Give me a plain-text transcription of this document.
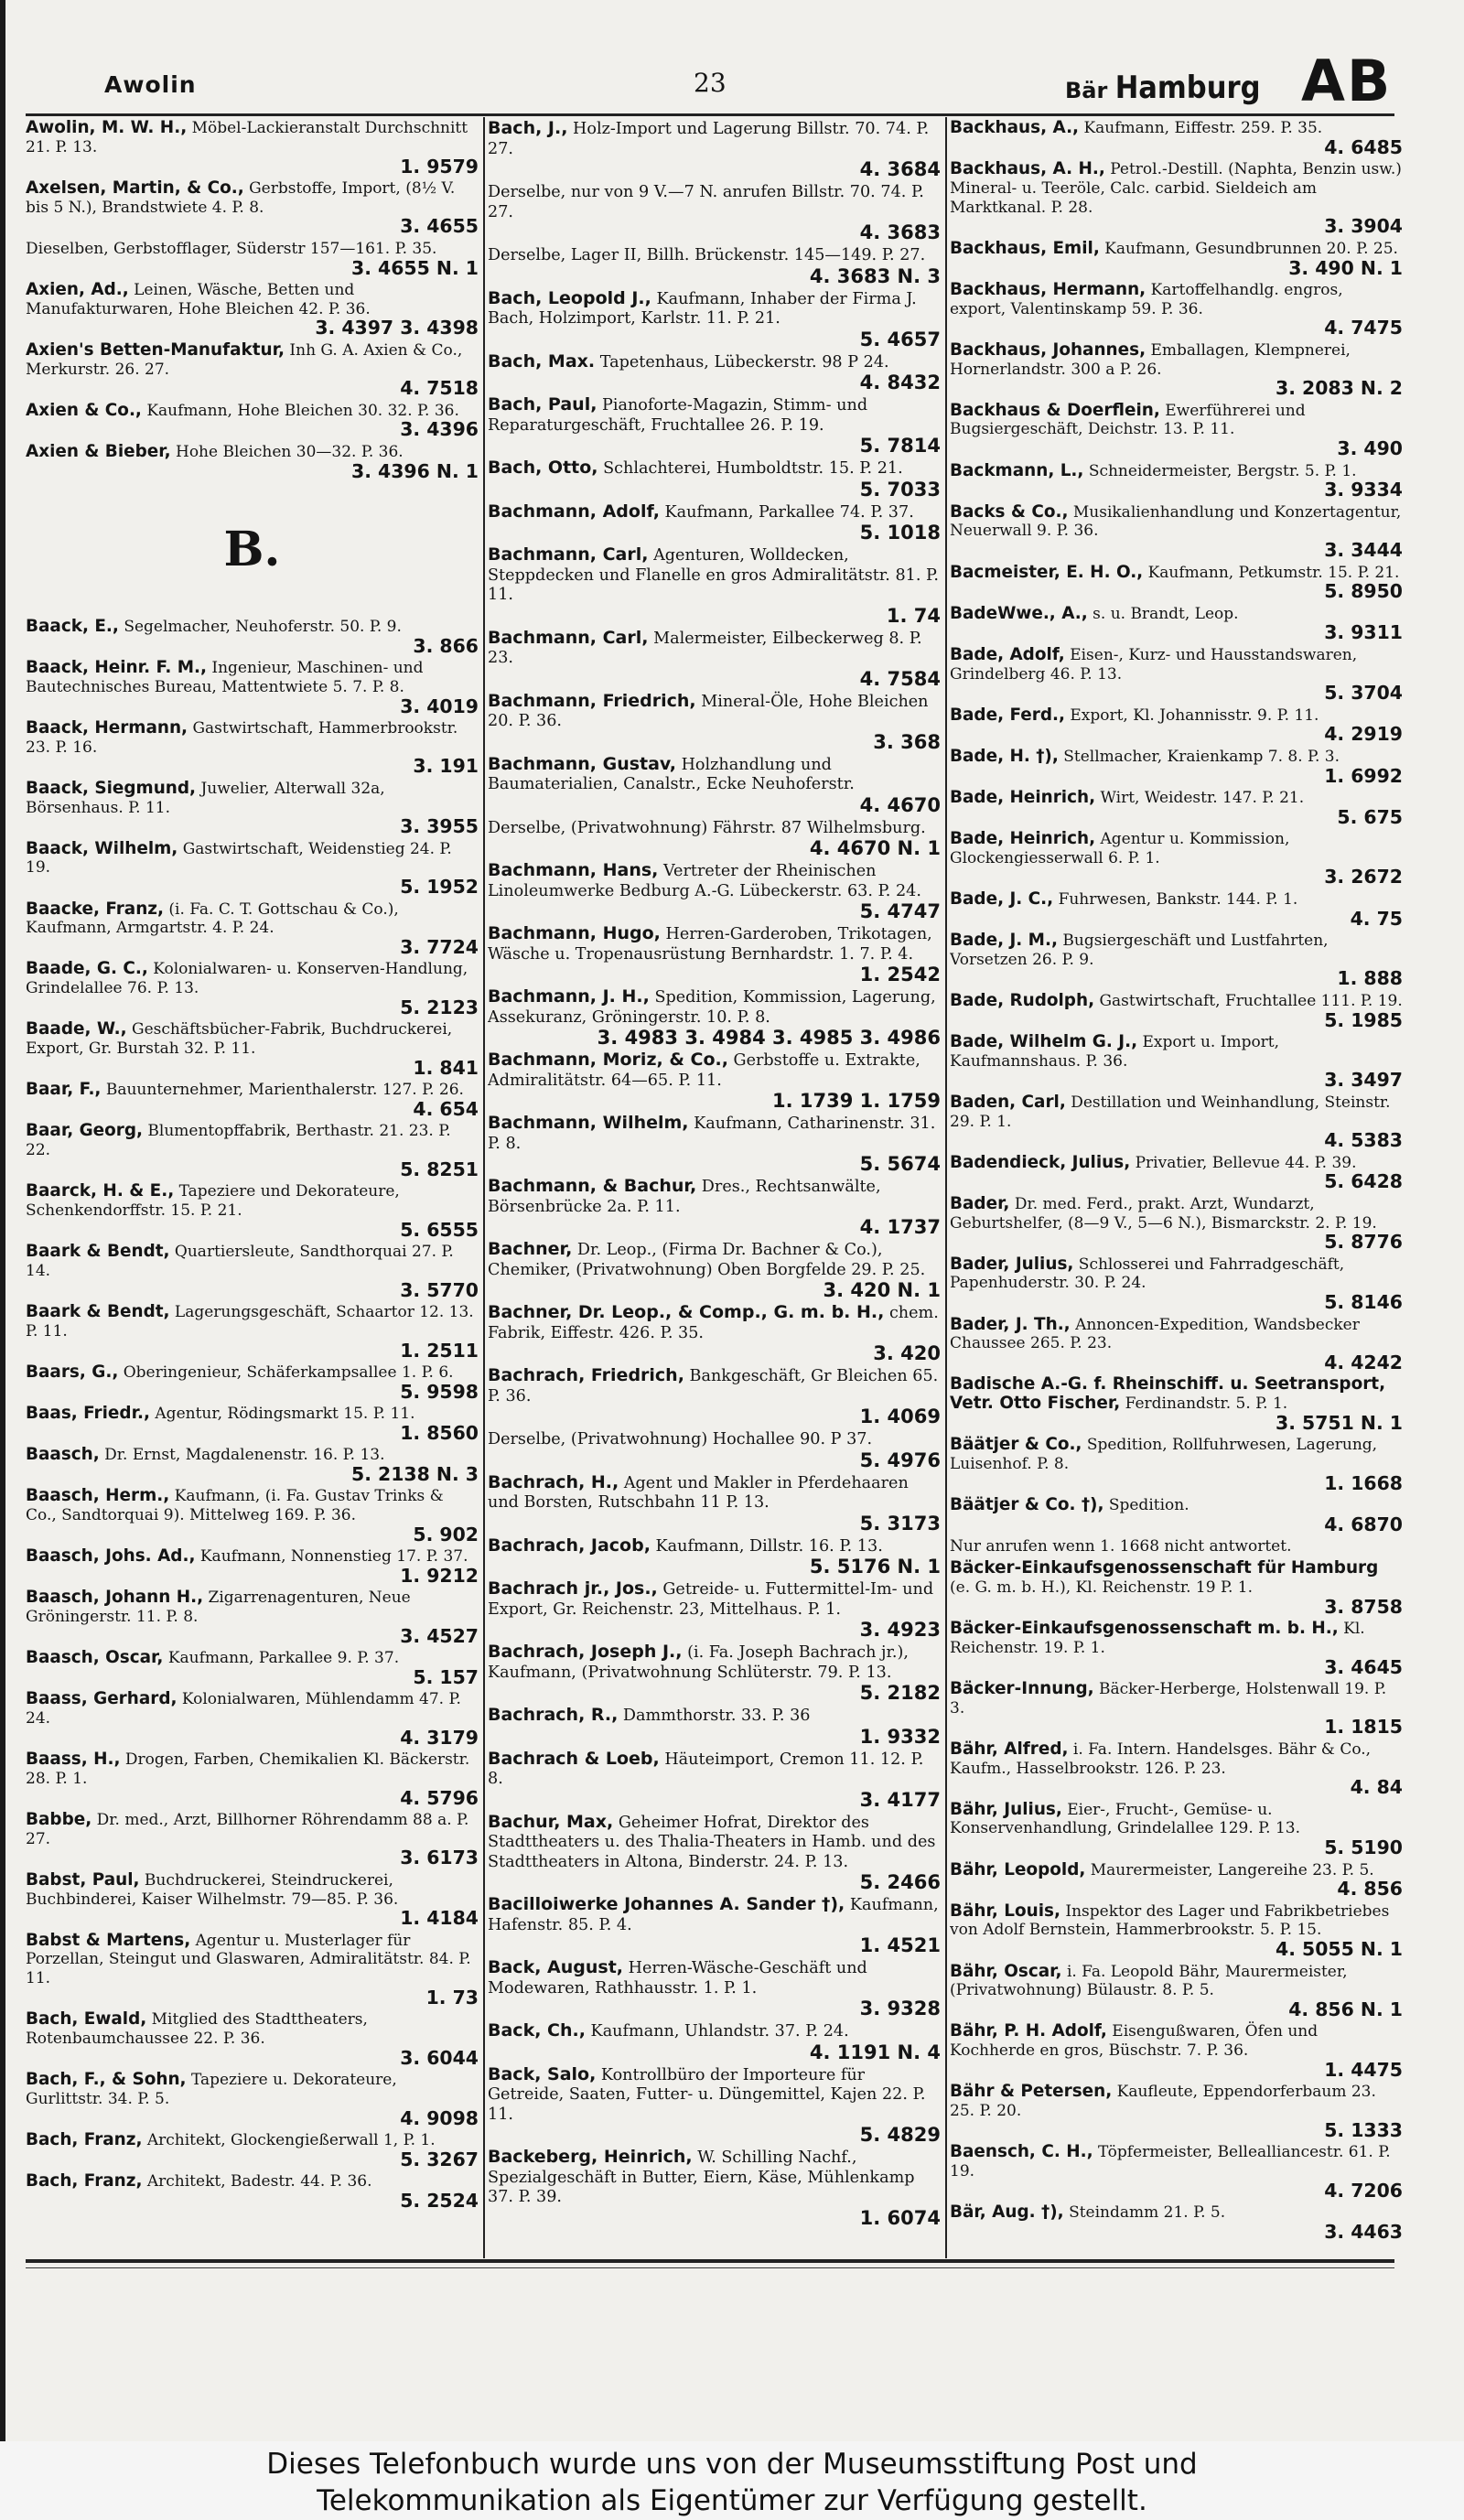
Awolin	23	Bär Hamburg AB
Awolin, M. W. H., Möbel-Lackieranstalt Durchschnitt 21. P. 13.
1. 9579
Axelsen, Martin, & Co., Gerbstoffe, Import, (8½ V. bis 5 N.), Brandstwiete 4. P. 8.
3. 4655
Dieselben, Gerbstofflager, Süderstr 157—161. P. 35.
3. 4655 N. 1
Axien, Ad., Leinen, Wäsche, Betten und Manufakturwaren, Hohe Bleichen 42. P. 36.
3. 4397 3. 4398
Axien's Betten-Manufaktur, Inh G. A. Axien & Co., Merkurstr. 26. 27.
4. 7518
Axien & Co., Kaufmann, Hohe Bleichen 30. 32. P. 36.
3. 4396
Axien & Bieber, Hohe Bleichen 30—32. P. 36.
3. 4396 N. 1
B.
Baack, E., Segelmacher, Neuhoferstr. 50. P. 9.
3. 866
Baack, Heinr. F. M., Ingenieur, Maschinen- und Bautechnisches Bureau, Mattentwiete 5. 7. P. 8.
3. 4019
Baack, Hermann, Gastwirtschaft, Hammerbrookstr. 23. P. 16.
3. 191
Baack, Siegmund, Juwelier, Alterwall 32a, Börsenhaus. P. 11.
3. 3955
Baack, Wilhelm, Gastwirtschaft, Weidenstieg 24. P. 19.
5. 1952
Baacke, Franz, (i. Fa. C. T. Gottschau & Co.), Kaufmann, Armgartstr. 4. P. 24.
3. 7724
Baade, G. C., Kolonialwaren- u. Konserven-Handlung, Grindelallee 76. P. 13.
5. 2123
Baade, W., Geschäftsbücher-Fabrik, Buchdruckerei, Export, Gr. Burstah 32. P. 11.
1. 841
Baar, F., Bauunternehmer, Marienthalerstr. 127. P. 26.
4. 654
Baar, Georg, Blumentopffabrik, Berthastr. 21. 23. P. 22.
5. 8251
Baarck, H. & E., Tapeziere und Dekorateure, Schenkendorffstr. 15. P. 21.
5. 6555
Baark & Bendt, Quartiersleute, Sandthorquai 27. P. 14.
3. 5770
Baark & Bendt, Lagerungsgeschäft, Schaartor 12. 13. P. 11.
1. 2511
Baars, G., Oberingenieur, Schäferkampsallee 1. P. 6.
5. 9598
Baas, Friedr., Agentur, Rödingsmarkt 15. P. 11.
1. 8560
Baasch, Dr. Ernst, Magdalenenstr. 16. P. 13.
5. 2138 N. 3
Baasch, Herm., Kaufmann, (i. Fa. Gustav Trinks & Co., Sandtorquai 9). Mittelweg 169. P. 36.
5. 902
Baasch, Johs. Ad., Kaufmann, Nonnenstieg 17. P. 37.
1. 9212
Baasch, Johann H., Zigarrenagenturen, Neue Gröningerstr. 11. P. 8.
3. 4527
Baasch, Oscar, Kaufmann, Parkallee 9. P. 37.
5. 157
Baass, Gerhard, Kolonialwaren, Mühlendamm 47. P. 24.
4. 3179
Baass, H., Drogen, Farben, Chemikalien Kl. Bäckerstr. 28. P. 1.
4. 5796
Babbe, Dr. med., Arzt, Billhorner Röhrendamm 88 a. P. 27.
3. 6173
Babst, Paul, Buchdruckerei, Steindruckerei, Buchbinderei, Kaiser Wilhelmstr. 79—85. P. 36.
1. 4184
Babst & Martens, Agentur u. Musterlager für Porzellan, Steingut und Glaswaren, Admiralitätstr. 84. P. 11.
1. 73
Bach, Ewald, Mitglied des Stadttheaters, Rotenbaumchaussee 22. P. 36.
3. 6044
Bach, F., & Sohn, Tapeziere u. Dekorateure, Gurlittstr. 34. P. 5.
4. 9098
Bach, Franz, Architekt, Glockengießerwall 1, P. 1.
5. 3267
Bach, Franz, Architekt, Badestr. 44. P. 36.
5. 2524
Bach, J., Holz-Import und Lagerung Billstr. 70. 74. P. 27.
4. 3684
Derselbe, nur von 9 V.—7 N. anrufen Billstr. 70. 74. P. 27.
4. 3683
Derselbe, Lager II, Billh. Brückenstr. 145—149. P. 27.
4. 3683 N. 3
Bach, Leopold J., Kaufmann, Inhaber der Firma J. Bach, Holzimport, Karlstr. 11. P. 21.
5. 4657
Bach, Max. Tapetenhaus, Lübeckerstr. 98 P 24.
4. 8432
Bach, Paul, Pianoforte-Magazin, Stimm- und Reparaturgeschäft, Fruchtallee 26. P. 19.
5. 7814
Bach, Otto, Schlachterei, Humboldtstr. 15. P. 21.
5. 7033
Bachmann, Adolf, Kaufmann, Parkallee 74. P. 37.
5. 1018
Bachmann, Carl, Agenturen, Wolldecken, Steppdecken und Flanelle en gros Admiralitätstr. 81. P. 11.
1. 74
Bachmann, Carl, Malermeister, Eilbeckerweg 8. P. 23.
4. 7584
Bachmann, Friedrich, Mineral-Öle, Hohe Bleichen 20. P. 36.
3. 368
Bachmann, Gustav, Holzhandlung und Baumaterialien, Canalstr., Ecke Neuhoferstr.
4. 4670
Derselbe, (Privatwohnung) Fährstr. 87 Wilhelmsburg.
4. 4670 N. 1
Bachmann, Hans, Vertreter der Rheinischen Linoleumwerke Bedburg A.-G. Lübeckerstr. 63. P. 24.
5. 4747
Bachmann, Hugo, Herren-Garderoben, Trikotagen, Wäsche u. Tropenausrüstung Bernhardstr. 1. 7. P. 4.
1. 2542
Bachmann, J. H., Spedition, Kommission, Lagerung, Assekuranz, Gröningerstr. 10. P. 8.
3. 4983 3. 4984 3. 4985 3. 4986
Bachmann, Moriz, & Co., Gerbstoffe u. Extrakte, Admiralitätstr. 64—65. P. 11.
1. 1739 1. 1759
Bachmann, Wilhelm, Kaufmann, Catharinenstr. 31. P. 8.
5. 5674
Bachmann, & Bachur, Dres., Rechtsanwälte, Börsenbrücke 2a. P. 11.
4. 1737
Bachner, Dr. Leop., (Firma Dr. Bachner & Co.), Chemiker, (Privatwohnung) Oben Borgfelde 29. P. 25.
3. 420 N. 1
Bachner, Dr. Leop., & Comp., G. m. b. H., chem. Fabrik, Eiffestr. 426. P. 35.
3. 420
Bachrach, Friedrich, Bankgeschäft, Gr Bleichen 65. P. 36.
1. 4069
Derselbe, (Privatwohnung) Hochallee 90. P 37.
5. 4976
Bachrach, H., Agent und Makler in Pferdehaaren und Borsten, Rutschbahn 11 P. 13.
5. 3173
Bachrach, Jacob, Kaufmann, Dillstr. 16. P. 13.
5. 5176 N. 1
Bachrach jr., Jos., Getreide- u. Futtermittel-Im- und Export, Gr. Reichenstr. 23, Mittelhaus. P. 1.
3. 4923
Bachrach, Joseph J., (i. Fa. Joseph Bachrach jr.), Kaufmann, (Privatwohnung Schlüterstr. 79. P. 13.
5. 2182
Bachrach, R., Dammthorstr. 33. P. 36
1. 9332
Bachrach & Loeb, Häuteimport, Cremon 11. 12. P. 8.
3. 4177
Bachur, Max, Geheimer Hofrat, Direktor des Stadttheaters u. des Thalia-Theaters in Hamb. und des Stadttheaters in Altona, Binderstr. 24. P. 13.
5. 2466
Bacilloiwerke Johannes A. Sander †), Kaufmann, Hafenstr. 85. P. 4.
1. 4521
Back, August, Herren-Wäsche-Geschäft und Modewaren, Rathhausstr. 1. P. 1.
3. 9328
Back, Ch., Kaufmann, Uhlandstr. 37. P. 24.
4. 1191 N. 4
Back, Salo, Kontrollbüro der Importeure für Getreide, Saaten, Futter- u. Düngemittel, Kajen 22. P. 11.
5. 4829
Backeberg, Heinrich, W. Schilling Nachf., Spezialgeschäft in Butter, Eiern, Käse, Mühlenkamp 37. P. 39.
1. 6074
Backhaus, A., Kaufmann, Eiffestr. 259. P. 35.
4. 6485
Backhaus, A. H., Petrol.-Destill. (Naphta, Benzin usw.) Mineral- u. Teeröle, Calc. carbid. Sieldeich am Marktkanal. P. 28.
3. 3904
Backhaus, Emil, Kaufmann, Gesundbrunnen 20. P. 25.
3. 490 N. 1
Backhaus, Hermann, Kartoffelhandlg. engros, export, Valentinskamp 59. P. 36.
4. 7475
Backhaus, Johannes, Emballagen, Klempnerei, Hornerlandstr. 300 a P. 26.
3. 2083 N. 2
Backhaus & Doerflein, Ewerführerei und Bugsiergeschäft, Deichstr. 13. P. 11.
3. 490
Backmann, L., Schneidermeister, Bergstr. 5. P. 1.
3. 9334
Backs & Co., Musikalienhandlung und Konzertagentur, Neuerwall 9. P. 36.
3. 3444
Bacmeister, E. H. O., Kaufmann, Petkumstr. 15. P. 21.
5. 8950
BadeWwe., A., s. u. Brandt, Leop.
3. 9311
Bade, Adolf, Eisen-, Kurz- und Hausstandswaren, Grindelberg 46. P. 13.
5. 3704
Bade, Ferd., Export, Kl. Johannisstr. 9. P. 11.
4. 2919
Bade, H. †), Stellmacher, Kraienkamp 7. 8. P. 3.
1. 6992
Bade, Heinrich, Wirt, Weidestr. 147. P. 21.
5. 675
Bade, Heinrich, Agentur u. Kommission, Glockengiesserwall 6. P. 1.
3. 2672
Bade, J. C., Fuhrwesen, Bankstr. 144. P. 1.
4. 75
Bade, J. M., Bugsiergeschäft und Lustfahrten, Vorsetzen 26. P. 9.
1. 888
Bade, Rudolph, Gastwirtschaft, Fruchtallee 111. P. 19.
5. 1985
Bade, Wilhelm G. J., Export u. Import, Kaufmannshaus. P. 36.
3. 3497
Baden, Carl, Destillation und Weinhandlung, Steinstr. 29. P. 1.
4. 5383
Badendieck, Julius, Privatier, Bellevue 44. P. 39.
5. 6428
Bader, Dr. med. Ferd., prakt. Arzt, Wundarzt, Geburtshelfer, (8—9 V., 5—6 N.), Bismarckstr. 2. P. 19.
5. 8776
Bader, Julius, Schlosserei und Fahrradgeschäft, Papenhuderstr. 30. P. 24.
5. 8146
Bader, J. Th., Annoncen-Expedition, Wandsbecker Chaussee 265. P. 23.
4. 4242
Badische A.-G. f. Rheinschiff. u. Seetransport, Vetr. Otto Fischer, Ferdinandstr. 5. P. 1.
3. 5751 N. 1
Bäätjer & Co., Spedition, Rollfuhrwesen, Lagerung, Luisenhof. P. 8.
1. 1668
Bäätjer & Co. †), Spedition.
4. 6870
Nur anrufen wenn 1. 1668 nicht antwortet.
Bäcker-Einkaufsgenossenschaft für Hamburg (e. G. m. b. H.), Kl. Reichenstr. 19 P. 1.
3. 8758
Bäcker-Einkaufsgenossenschaft m. b. H., Kl. Reichenstr. 19. P. 1.
3. 4645
Bäcker-Innung, Bäcker-Herberge, Holstenwall 19. P. 3.
1. 1815
Bähr, Alfred, i. Fa. Intern. Handelsges. Bähr & Co., Kaufm., Hasselbrookstr. 126. P. 23.
4. 84
Bähr, Julius, Eier-, Frucht-, Gemüse- u. Konservenhandlung, Grindelallee 129. P. 13.
5. 5190
Bähr, Leopold, Maurermeister, Langereihe 23. P. 5.
4. 856
Bähr, Louis, Inspektor des Lager und Fabrikbetriebes von Adolf Bernstein, Hammerbrookstr. 5. P. 15.
4. 5055 N. 1
Bähr, Oscar, i. Fa. Leopold Bähr, Maurermeister, (Privatwohnung) Bülaustr. 8. P. 5.
4. 856 N. 1
Bähr, P. H. Adolf, Eisengußwaren, Öfen und Kochherde en gros, Büschstr. 7. P. 36.
1. 4475
Bähr & Petersen, Kaufleute, Eppendorferbaum 23. 25. P. 20.
5. 1333
Baensch, C. H., Töpfermeister, Bellealliancestr. 61. P. 19.
4. 7206
Bär, Aug. †), Steindamm 21. P. 5.
3. 4463
Dieses Telefonbuch wurde uns von der Museumsstiftung Post und
Telekommunikation als Eigentümer zur Verfügung gestellt.
